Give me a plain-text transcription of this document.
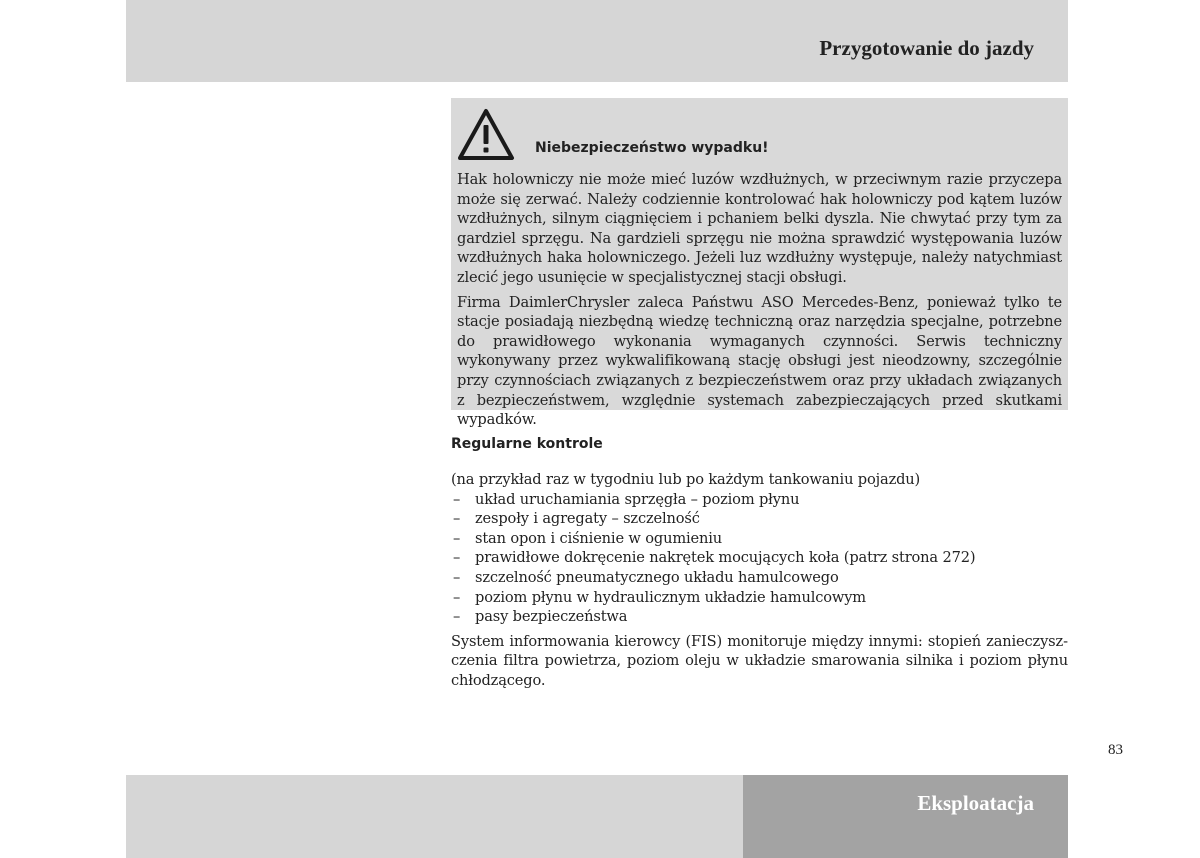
Przygotowanie do jazdy
Niebezpieczeństwo wypadku!

Hak holowniczy nie może mieć luzów wzdłużnych, w przeciwnym razie przyczepa może się zerwać. Należy codziennie kontrolować hak holowniczy pod kątem luzów wzdłużnych, silnym ciągnięciem i pchaniem belki dyszla. Nie chwytać przy tym za gardziel sprzęgu. Na gardzieli sprzęgu nie można sprawdzić występowania luzów wzdłużnych haka holowniczego. Jeżeli luz wzdłużny występuje, należy natychmiast zlecić jego usunięcie w specjalistycznej stacji obsługi.

Firma DaimlerChrysler zaleca Państwu ASO Mercedes-Benz, ponieważ tylko te stacje posiadają niezbędną wiedzę techniczną oraz narzędzia specjalne, potrzebne do prawidłowego wykonania wymaganych czynności. Serwis techniczny wykonywany przez wykwalifikowaną stację obsługi jest nieodzowny, szczególnie przy czynnościach związanych z bezpieczeństwem oraz przy układach związanych z bezpieczeństwem, względnie systemach zabezpieczających przed skutkami wypadków.

Regularne kontrole

(na przykład raz w tygodniu lub po każdym tankowaniu pojazdu)

– układ uruchamiania sprzęgła – poziom płynu
– zespoły i agregaty – szczelność
– stan opon i ciśnienie w ogumieniu
– prawidłowe dokręcenie nakrętek mocujących koła (patrz strona 272)
– szczelność pneumatycznego układu hamulcowego
– poziom płynu w hydraulicznym układzie hamulcowym
– pasy bezpieczeństwa

System informowania kierowcy (FIS) monitoruje między innymi: stopień zanieczyszczenia filtra powietrza, poziom oleju w układzie smarowania silnika i poziom płynu chłodzącego.

83
Eksploatacja
